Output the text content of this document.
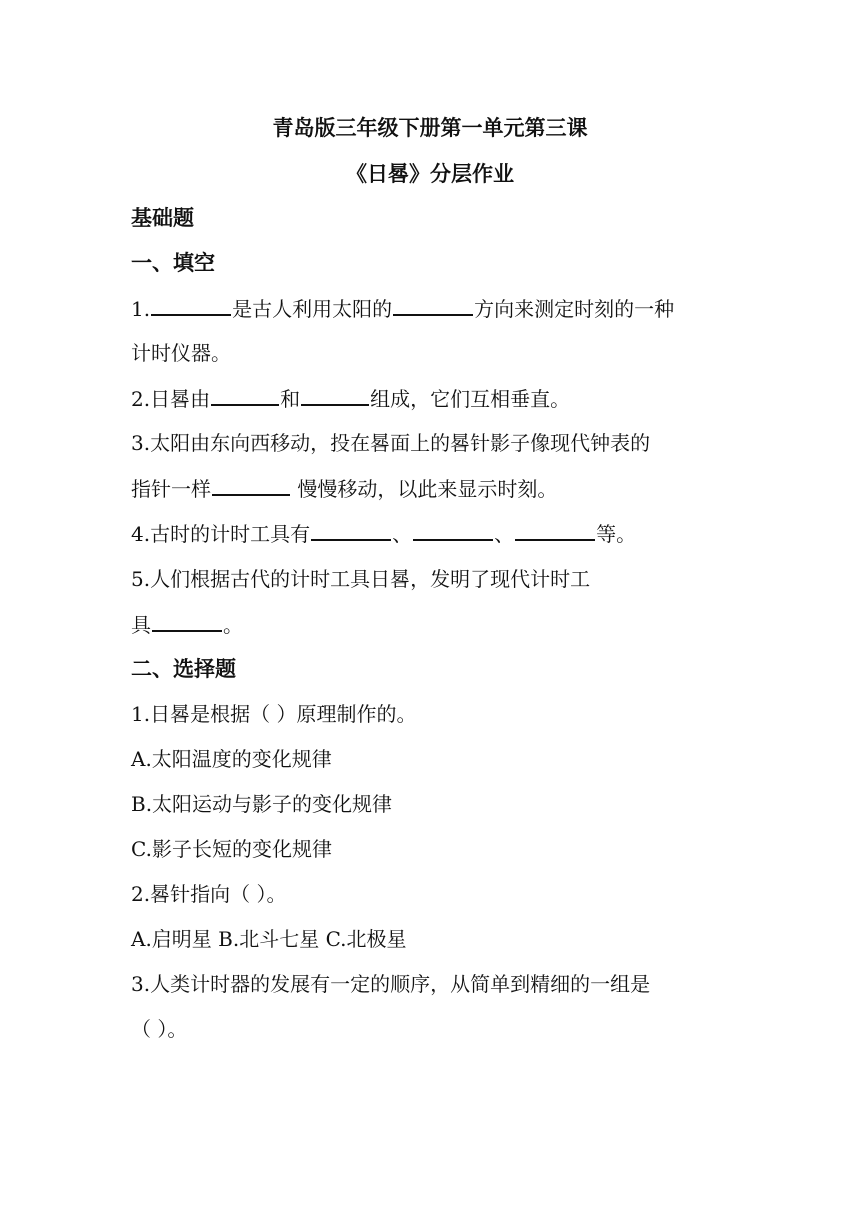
青岛版三年级下册第一单元第三课
《日晷》分层作业
基础题
一、填空
1.	是古人利用太阳的	方向来测定时刻的一种
计时仪器。
2.日晷由	和	组成，它们互相垂直。
3.太阳由东向西移动，投在晷面上的晷针影子像现代钟表的
指针一样	慢慢移动，以此来显示时刻。
4.古时的计时工具有	、	、	等。
5.人们根据古代的计时工具日晷，发明了现代计时工
具	。
二、选择题
1.日晷是根据（ ）原理制作的。
A.太阳温度的变化规律
B.太阳运动与影子的变化规律
C.影子长短的变化规律
2.晷针指向（ ）。
A.启明星 B.北斗七星 C.北极星
3.人类计时器的发展有一定的顺序，从简单到精细的一组是
（ ）。
